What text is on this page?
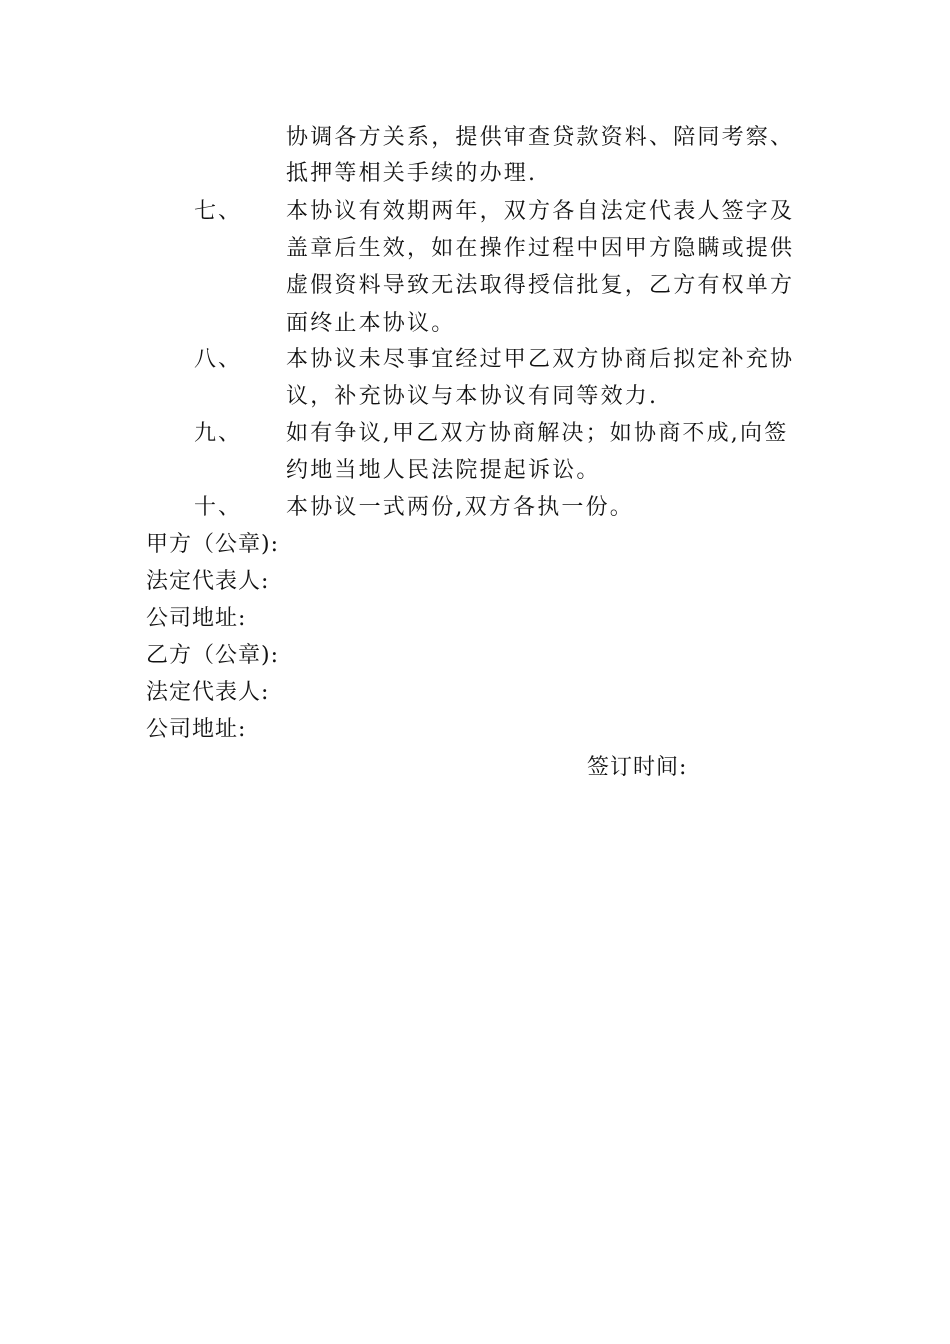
协调各方关系，提供审查贷款资料、陪同考察、
抵押等相关手续的办理.
七、 本协议有效期两年，双方各自法定代表人签字及
盖章后生效，如在操作过程中因甲方隐瞒或提供
虚假资料导致无法取得授信批复，乙方有权单方
面终止本协议。
八、 本协议未尽事宜经过甲乙双方协商后拟定补充协
议，补充协议与本协议有同等效力.
九、 如有争议,甲乙双方协商解决；如协商不成,向签
约地当地人民法院提起诉讼。
十、 本协议一式两份,双方各执一份。
甲方（公章):
法定代表人:
公司地址:
乙方（公章):
法定代表人:
公司地址:
签订时间:
